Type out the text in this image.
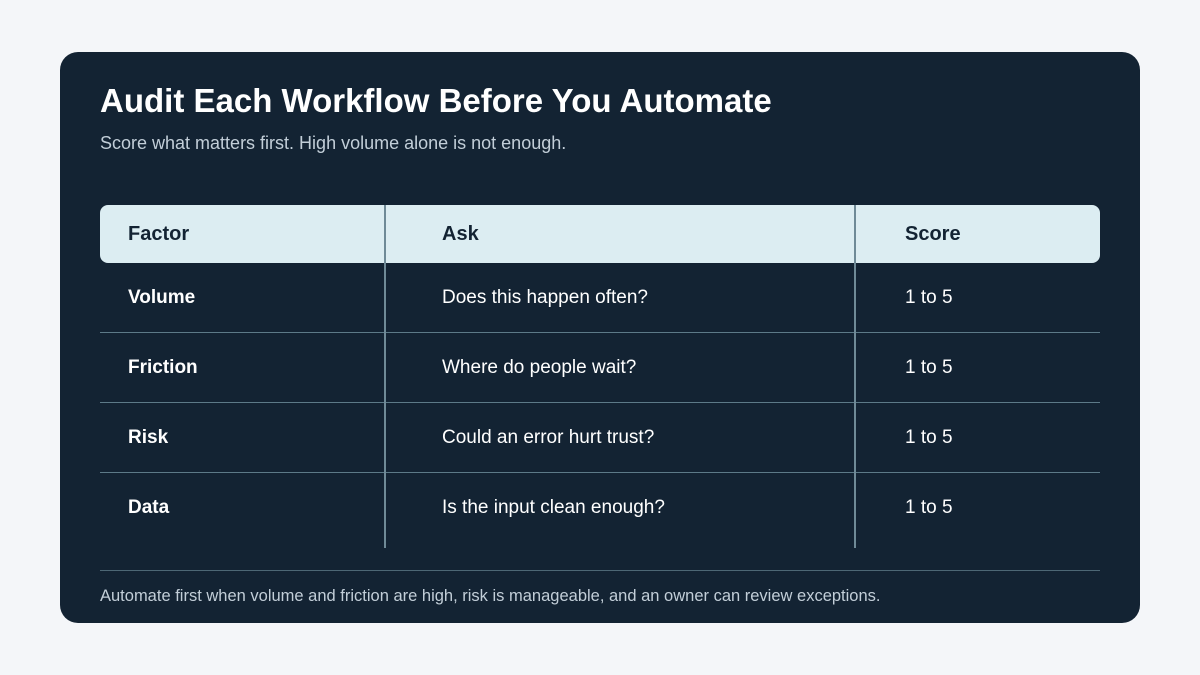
Audit Each Workflow Before You Automate

Score what matters first. High volume alone is not enough.

Factor	Ask	Score
Volume	Does this happen often?	1 to 5
Friction	Where do people wait?	1 to 5
Risk	Could an error hurt trust?	1 to 5
Data	Is the input clean enough?	1 to 5

Automate first when volume and friction are high, risk is manageable, and an owner can review exceptions.
